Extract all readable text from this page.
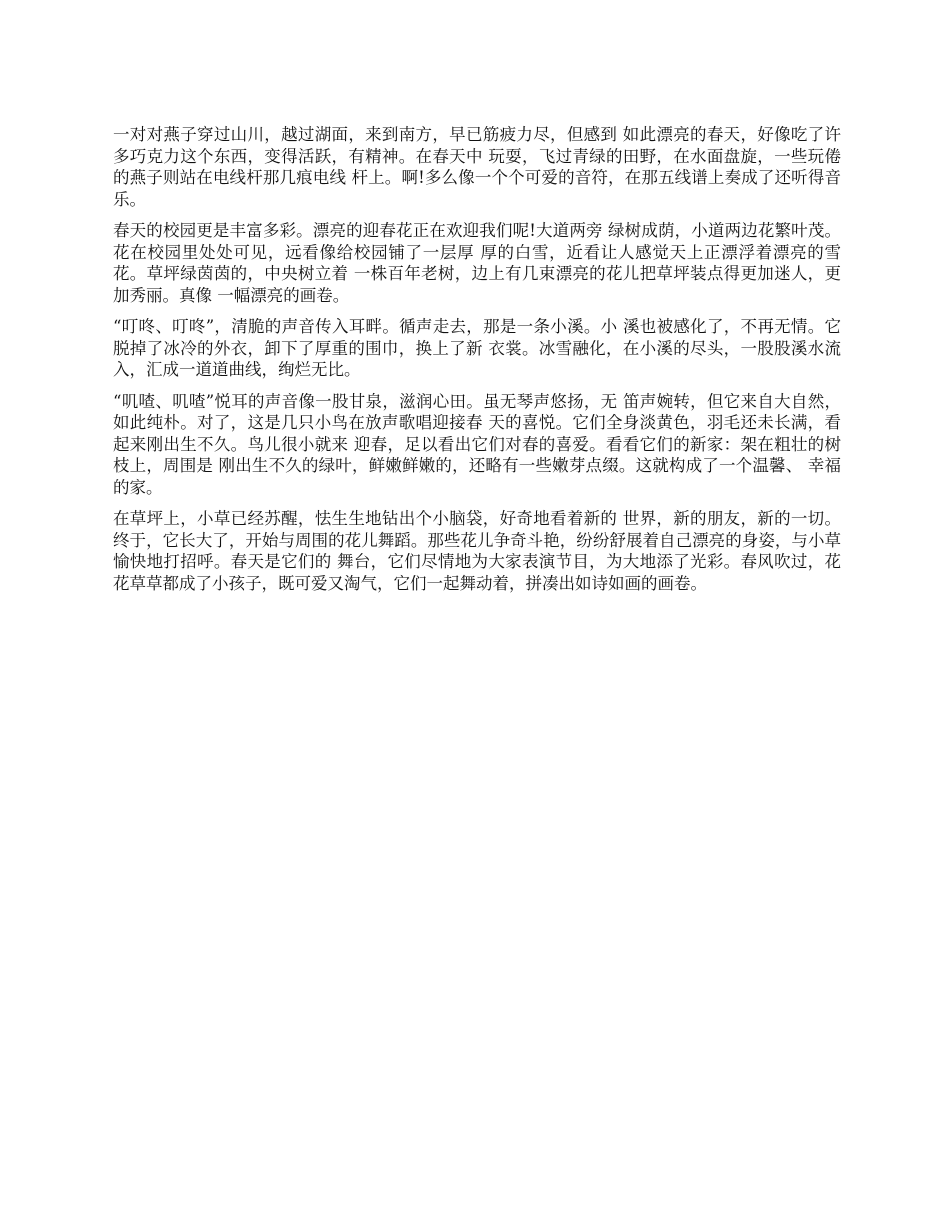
一对对燕子穿过山川，越过湖面，来到南方，早已筋疲力尽，但感到 如此漂亮的春天，好像吃了许多巧克力这个东西，变得活跃，有精神。在春天中 玩耍，飞过青绿的田野，在水面盘旋，一些玩倦的燕子则站在电线杆那几痕电线 杆上。啊!多么像一个个可爱的音符，在那五线谱上奏成了还听得音乐。

春天的校园更是丰富多彩。漂亮的迎春花正在欢迎我们呢!大道两旁 绿树成荫，小道两边花繁叶茂。花在校园里处处可见，远看像给校园铺了一层厚 厚的白雪，近看让人感觉天上正漂浮着漂亮的雪花。草坪绿茵茵的，中央树立着 一株百年老树，边上有几束漂亮的花儿把草坪装点得更加迷人，更加秀丽。真像 一幅漂亮的画卷。

“叮咚、叮咚”，清脆的声音传入耳畔。循声走去，那是一条小溪。小 溪也被感化了，不再无情。它脱掉了冰冷的外衣，卸下了厚重的围巾，换上了新 衣裳。冰雪融化，在小溪的尽头，一股股溪水流入，汇成一道道曲线，绚烂无比。

“叽喳、叽喳”悦耳的声音像一股甘泉，滋润心田。虽无琴声悠扬，无 笛声婉转，但它来自大自然，如此纯朴。对了，这是几只小鸟在放声歌唱迎接春 天的喜悦。它们全身淡黄色，羽毛还未长满，看起来刚出生不久。鸟儿很小就来 迎春，足以看出它们对春的喜爱。看看它们的新家：架在粗壮的树枝上，周围是 刚出生不久的绿叶，鲜嫩鲜嫩的，还略有一些嫩芽点缀。这就构成了一个温馨、 幸福的家。

在草坪上，小草已经苏醒，怯生生地钻出个小脑袋，好奇地看着新的 世界，新的朋友，新的一切。终于，它长大了，开始与周围的花儿舞蹈。那些花儿争奇斗艳，纷纷舒展着自己漂亮的身姿，与小草愉快地打招呼。春天是它们的 舞台，它们尽情地为大家表演节目，为大地添了光彩。春风吹过，花花草草都成了小孩子，既可爱又淘气，它们一起舞动着，拼凑出如诗如画的画卷。
